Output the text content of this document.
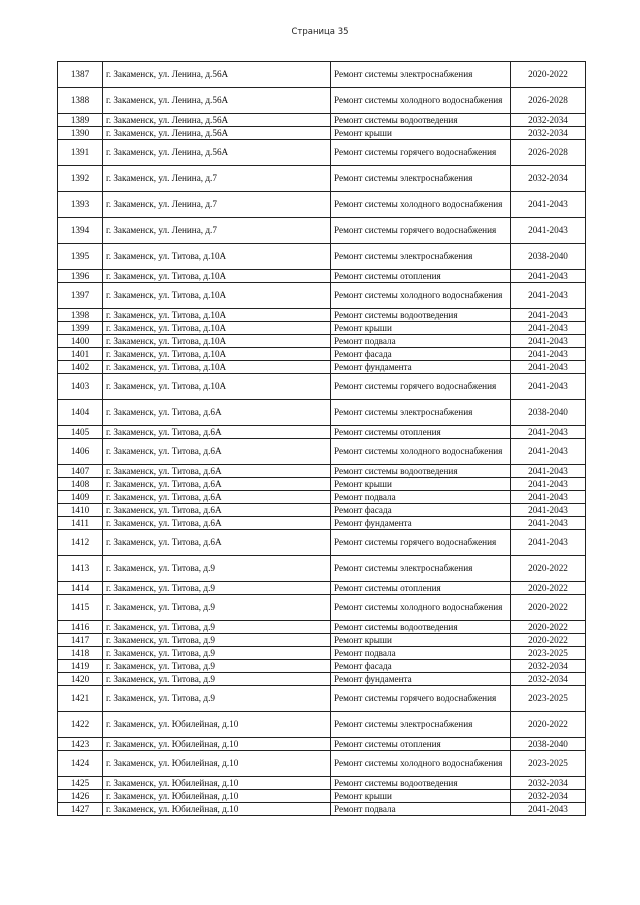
Страница 35
1387	г. Закаменск, ул. Ленина, д.56А	Ремонт системы электроснабжения	2020-2022
1388	г. Закаменск, ул. Ленина, д.56А	Ремонт системы холодного водоснабжения	2026-2028
1389	г. Закаменск, ул. Ленина, д.56А	Ремонт системы водоотведения	2032-2034
1390	г. Закаменск, ул. Ленина, д.56А	Ремонт крыши	2032-2034
1391	г. Закаменск, ул. Ленина, д.56А	Ремонт системы горячего водоснабжения	2026-2028
1392	г. Закаменск, ул. Ленина, д.7	Ремонт системы электроснабжения	2032-2034
1393	г. Закаменск, ул. Ленина, д.7	Ремонт системы холодного водоснабжения	2041-2043
1394	г. Закаменск, ул. Ленина, д.7	Ремонт системы горячего водоснабжения	2041-2043
1395	г. Закаменск, ул. Титова, д.10А	Ремонт системы электроснабжения	2038-2040
1396	г. Закаменск, ул. Титова, д.10А	Ремонт системы отопления	2041-2043
1397	г. Закаменск, ул. Титова, д.10А	Ремонт системы холодного водоснабжения	2041-2043
1398	г. Закаменск, ул. Титова, д.10А	Ремонт системы водоотведения	2041-2043
1399	г. Закаменск, ул. Титова, д.10А	Ремонт крыши	2041-2043
1400	г. Закаменск, ул. Титова, д.10А	Ремонт подвала	2041-2043
1401	г. Закаменск, ул. Титова, д.10А	Ремонт фасада	2041-2043
1402	г. Закаменск, ул. Титова, д.10А	Ремонт фундамента	2041-2043
1403	г. Закаменск, ул. Титова, д.10А	Ремонт системы горячего водоснабжения	2041-2043
1404	г. Закаменск, ул. Титова, д.6А	Ремонт системы электроснабжения	2038-2040
1405	г. Закаменск, ул. Титова, д.6А	Ремонт системы отопления	2041-2043
1406	г. Закаменск, ул. Титова, д.6А	Ремонт системы холодного водоснабжения	2041-2043
1407	г. Закаменск, ул. Титова, д.6А	Ремонт системы водоотведения	2041-2043
1408	г. Закаменск, ул. Титова, д.6А	Ремонт крыши	2041-2043
1409	г. Закаменск, ул. Титова, д.6А	Ремонт подвала	2041-2043
1410	г. Закаменск, ул. Титова, д.6А	Ремонт фасада	2041-2043
1411	г. Закаменск, ул. Титова, д.6А	Ремонт фундамента	2041-2043
1412	г. Закаменск, ул. Титова, д.6А	Ремонт системы горячего водоснабжения	2041-2043
1413	г. Закаменск, ул. Титова, д.9	Ремонт системы электроснабжения	2020-2022
1414	г. Закаменск, ул. Титова, д.9	Ремонт системы отопления	2020-2022
1415	г. Закаменск, ул. Титова, д.9	Ремонт системы холодного водоснабжения	2020-2022
1416	г. Закаменск, ул. Титова, д.9	Ремонт системы водоотведения	2020-2022
1417	г. Закаменск, ул. Титова, д.9	Ремонт крыши	2020-2022
1418	г. Закаменск, ул. Титова, д.9	Ремонт подвала	2023-2025
1419	г. Закаменск, ул. Титова, д.9	Ремонт фасада	2032-2034
1420	г. Закаменск, ул. Титова, д.9	Ремонт фундамента	2032-2034
1421	г. Закаменск, ул. Титова, д.9	Ремонт системы горячего водоснабжения	2023-2025
1422	г. Закаменск, ул. Юбилейная, д.10	Ремонт системы электроснабжения	2020-2022
1423	г. Закаменск, ул. Юбилейная, д.10	Ремонт системы отопления	2038-2040
1424	г. Закаменск, ул. Юбилейная, д.10	Ремонт системы холодного водоснабжения	2023-2025
1425	г. Закаменск, ул. Юбилейная, д.10	Ремонт системы водоотведения	2032-2034
1426	г. Закаменск, ул. Юбилейная, д.10	Ремонт крыши	2032-2034
1427	г. Закаменск, ул. Юбилейная, д.10	Ремонт подвала	2041-2043
